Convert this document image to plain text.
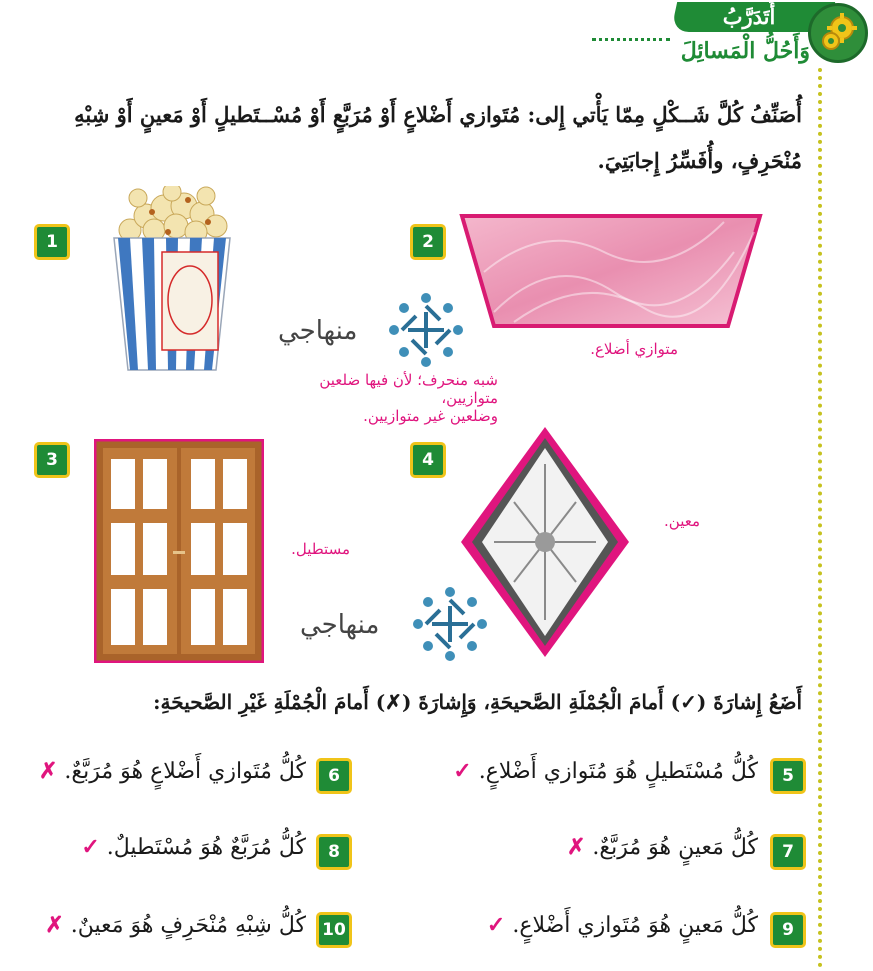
أَتَدَرَّبُ
وَأَحُلُّ الْمَسائِلَ
أُصَنِّفُ كُلَّ شَــكْلٍ مِمّا يَأْتي إِلى: مُتَوازي أَضْلاعٍ أَوْ مُرَبَّعٍ أَوْ مُسْــتَطيلٍ أَوْ مَعينٍ أَوْ شِبْهِ
مُنْحَرِفٍ، وأُفَسِّرُ إِجابَتِيَ.
1
شبه منحرف؛ لأن فيها ضلعين متوازيين،
وضلعين غير متوازيين.
2
متوازي أضلاع.
منهاجي
3
مستطيل.
4
معين.
منهاجي
أَضَعُ إِشارَةَ (✓) أَمامَ الْجُمْلَةِ الصَّحيحَةِ، وَإِشارَةَ (✗) أَمامَ الْجُمْلَةِ غَيْرِ الصَّحيحَةِ:
5
كُلُّ مُسْتَطيلٍ هُوَ مُتَوازي أَضْلاعٍ. ✓
6
كُلُّ مُتَوازي أَضْلاعٍ هُوَ مُرَبَّعٌ. ✗
7
كُلُّ مَعينٍ هُوَ مُرَبَّعٌ. ✗
8
كُلُّ مُرَبَّعٌ هُوَ مُسْتَطيلٌ. ✓
9
كُلُّ مَعينٍ هُوَ مُتَوازي أَضْلاعٍ. ✓
10
كُلُّ شِبْهِ مُنْحَرِفٍ هُوَ مَعينٌ. ✗
